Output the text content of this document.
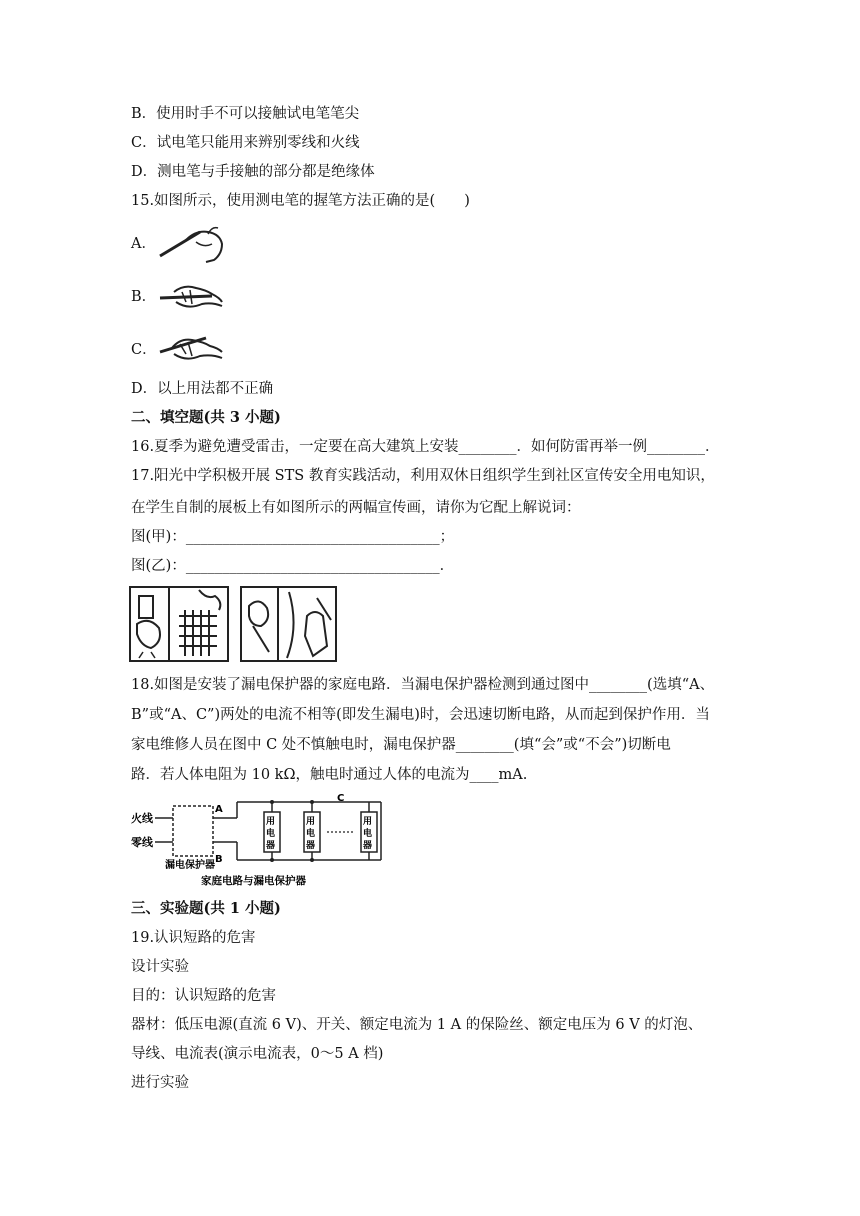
B．使用时手不可以接触试电笔笔尖
C．试电笔只能用来辨别零线和火线
D．测电笔与手接触的部分都是绝缘体
15.如图所示，使用测电笔的握笔方法正确的是(　　)
A．
B．
C．
D．以上用法都不正确
二、填空题(共 3 小题)
16.夏季为避免遭受雷击，一定要在高大建筑上安装________．如何防雷再举一例________．
17.阳光中学积极开展 STS 教育实践活动，利用双休日组织学生到社区宣传安全用电知识，
在学生自制的展板上有如图所示的两幅宣传画，请你为它配上解说词：
图(甲)：___________________________________；
图(乙)：___________________________________．
18.如图是安装了漏电保护器的家庭电路．当漏电保护器检测到通过图中________(选填“A、
B”或“A、C”)两处的电流不相等(即发生漏电)时，会迅速切断电路，从而起到保护作用．当
家电维修人员在图中 C 处不慎触电时，漏电保护器________(填“会”或“不会”)切断电
路．若人体电阻为 10 kΩ，触电时通过人体的电流为____mA.
火线
零线
漏电保护器
A
B
C
用
电
器
用
电
器
用
电
器
家庭电路与漏电保护器
三、实验题(共 1 小题)
19.认识短路的危害
设计实验
目的：认识短路的危害
器材：低压电源(直流 6 V)、开关、额定电流为 1 A 的保险丝、额定电压为 6 V 的灯泡、
导线、电流表(演示电流表，0～5 A 档)
进行实验
